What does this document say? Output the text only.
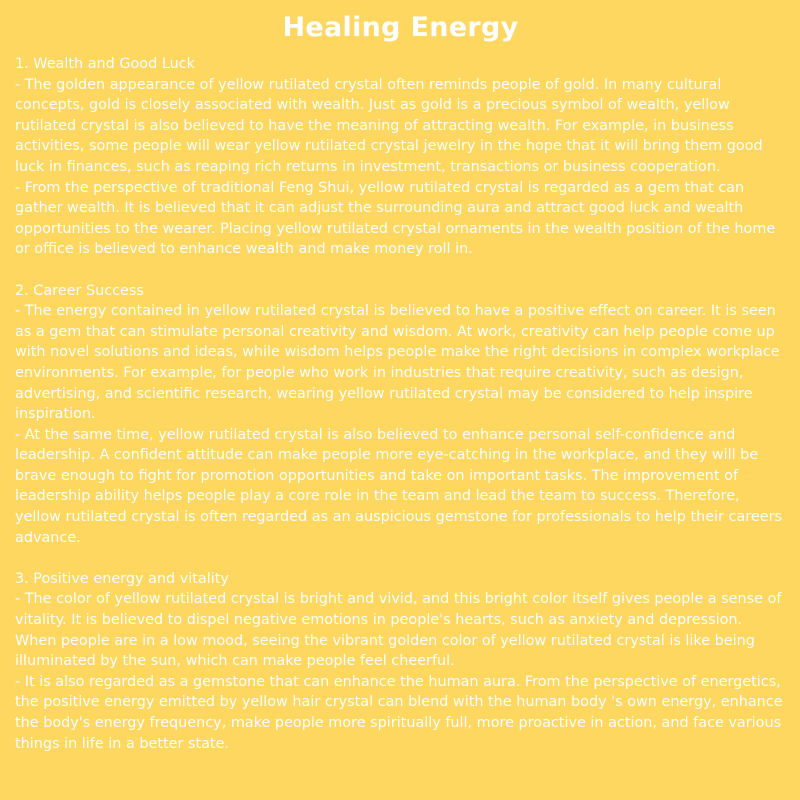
Healing Energy
1. Wealth and Good Luck
- The golden appearance of yellow rutilated crystal often reminds people of gold. In many cultural concepts, gold is closely associated with wealth. Just as gold is a precious symbol of wealth, yellow rutilated crystal is also believed to have the meaning of attracting wealth. For example, in business activities, some people will wear yellow rutilated crystal jewelry in the hope that it will bring them good luck in finances, such as reaping rich returns in investment, transactions or business cooperation.
- From the perspective of traditional Feng Shui, yellow rutilated crystal is regarded as a gem that can gather wealth. It is believed that it can adjust the surrounding aura and attract good luck and wealth opportunities to the wearer. Placing yellow rutilated crystal ornaments in the wealth position of the home or office is believed to enhance wealth and make money roll in.
2. Career Success
- The energy contained in yellow rutilated crystal is believed to have a positive effect on career. It is seen as a gem that can stimulate personal creativity and wisdom. At work, creativity can help people come up with novel solutions and ideas, while wisdom helps people make the right decisions in complex workplace environments. For example, for people who work in industries that require creativity, such as design, advertising, and scientific research, wearing yellow rutilated crystal may be considered to help inspire inspiration.
- At the same time, yellow rutilated crystal is also believed to enhance personal self-confidence and leadership. A confident attitude can make people more eye-catching in the workplace, and they will be brave enough to fight for promotion opportunities and take on important tasks. The improvement of leadership ability helps people play a core role in the team and lead the team to success. Therefore, yellow rutilated crystal is often regarded as an auspicious gemstone for professionals to help their careers advance.
3. Positive energy and vitality
- The color of yellow rutilated crystal is bright and vivid, and this bright color itself gives people a sense of vitality. It is believed to dispel negative emotions in people's hearts, such as anxiety and depression. When people are in a low mood, seeing the vibrant golden color of yellow rutilated crystal is like being illuminated by the sun, which can make people feel cheerful.
- It is also regarded as a gemstone that can enhance the human aura. From the perspective of energetics, the positive energy emitted by yellow hair crystal can blend with the human body 's own energy, enhance the body's energy frequency, make people more spiritually full, more proactive in action, and face various things in life in a better state.
